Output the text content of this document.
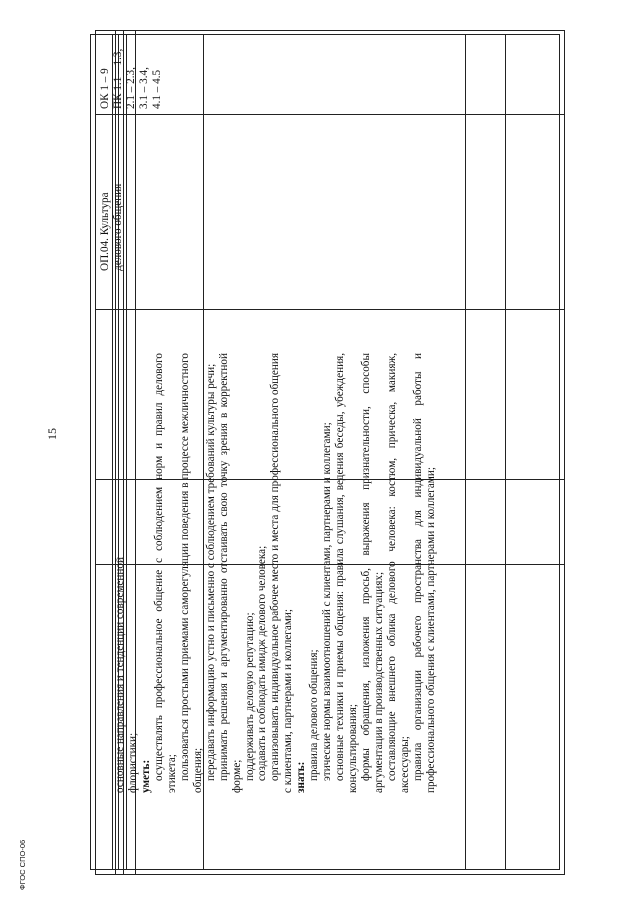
15
ФГОС СПО-06
основные направления и тенденции современной флористики; уметь: осуществлять профессиональное общение с соблюдением норм и правил делового этикета; пользоваться простыми приемами саморегуляции поведения в процессе межличностного общения; передавать информацию устно и письменно с соблюдением требований культуры речи; принимать решения и аргументированно отстаивать свою точку зрения в корректной форме; поддерживать деловую репутацию; создавать и соблюдать имидж делового человека; организовывать индивидуальное рабочее место и места для профессионального общения с клиентами, партнерами и коллегами; знать: правила делового общения; этические нормы взаимоотношений с клиентами, партнерами и коллегами; основные техники и приемы общения: правила слушания, ведения беседы, убеждения, консультирования; формы обращения, изложения просьб, выражения признательности, способы аргументации в производственных ситуациях; составляющие внешнего облика делового человека: костюм, прическа, макияж, аксессуары; правила организации рабочего пространства для индивидуальной работы и профессионального общения с клиентами, партнерами и коллегами;
ОП.04. Культура делового общения
ОК 1 – 9 ПК 1.1 – 1.3, 2.1 – 2.3, 3.1 – 3.4, 4.1 – 4.5
